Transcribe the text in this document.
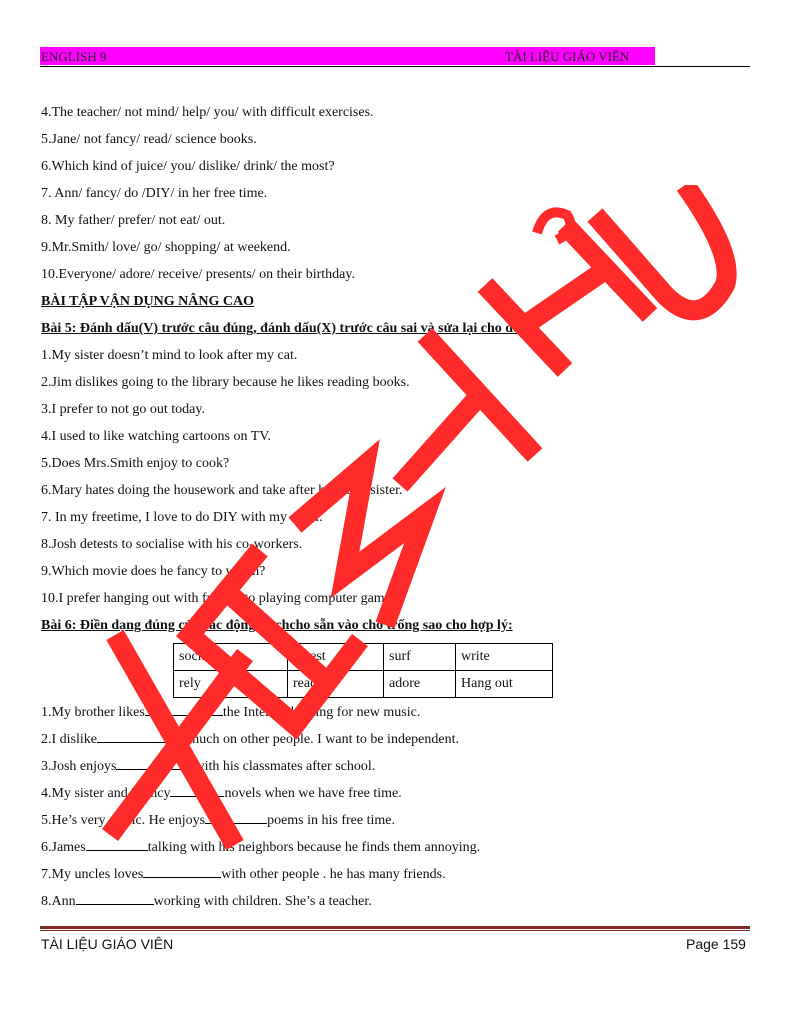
ENGLISH 9	TÀI LIỆU GIÁO VIÊN
4.The teacher/ not mind/ help/ you/ with difficult exercises.
5.Jane/ not fancy/ read/ science books.
6.Which kind of juice/ you/ dislike/ drink/ the most?
7. Ann/ fancy/ do /DIY/ in her free time.
8. My father/ prefer/ not eat/ out.
9.Mr.Smith/ love/ go/ shopping/ at weekend.
10.Everyone/ adore/ receive/ presents/ on their birthday.
BÀI TẬP VẬN DỤNG NÂNG CAO
Bài 5: Đánh dấu(V) trước câu đúng, đánh dấu(X) trước câu sai và sửa lại cho đúng:
1.My sister doesn’t mind to look after my cat.
2.Jim dislikes going to the library because he likes reading books.
3.I prefer to not go out today.
4.I used to like watching cartoons on TV.
5.Does Mrs.Smith enjoy to cook?
6.Mary hates doing the housework and take after her baby sister.
7. In my freetime, I love to do DIY with my sister.
8.Josh detests to socialise with his co-workers.
9.Which movie does he fancy to watch?
10.I prefer hanging out with friends to playing computer games.
Bài 6: Điền dạng đúng của các động từ chcho sẵn vào chỗ trống sao cho hợp lý:
socialize	detest	surf	write
rely	read	adore	Hang out
1.My brother likes	the Internet looking for new music.
2.I dislike	too much on other people. I want to be independent.
3.Josh enjoys	with his classmates after school.
4.My sister and I fancy	novels when we have free time.
5.He’s very artitic. He enjoys	poems in his free time.
6.James	talking with his neighbors because he finds them annoying.
7.My uncles loves	with other people . he has many friends.
8.Ann	working with children. She’s a teacher.
TÀI LIỆU GIÁO VIÊN	Page 159
